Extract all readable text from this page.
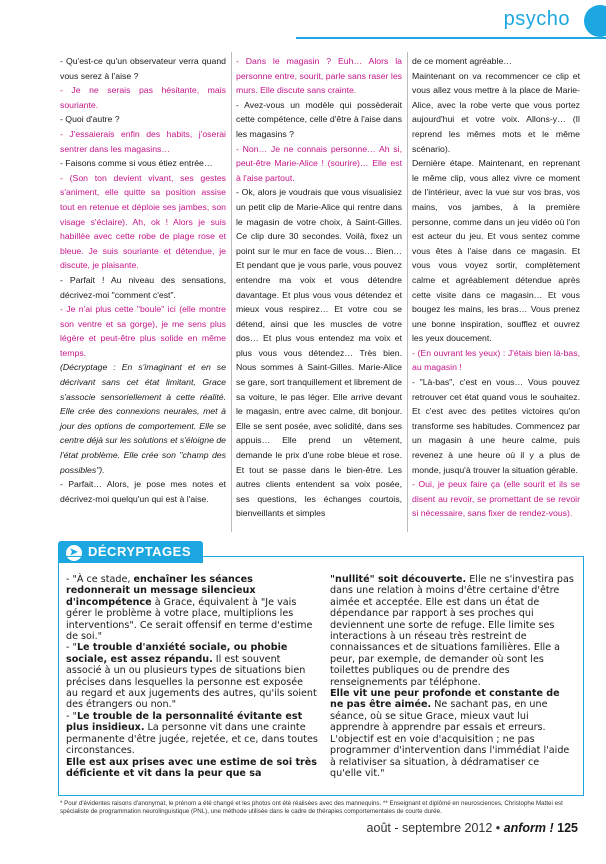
psycho

- Qu'est-ce qu'un observateur verra quand vous serez à l'aise ?

- Je ne serais pas hésitante, mais souriante.

- Quoi d'autre ?

- J'essaierais enfin des habits, j'oserai sentrer dans les magasins…

- Faisons comme si vous étiez entrée…

- (Son ton devient vivant, ses gestes s'animent, elle quitte sa position assise tout en retenue et déploie ses jambes, son visage s'éclaire). Ah, ok ! Alors je suis habillée avec cette robe de plage rose et bleue. Je suis souriante et détendue, je discute, je plaisante.

- Parfait ! Au niveau des sensations, décrivez-moi "comment c'est".

- Je n'ai plus cette "boule" ici (elle montre son ventre et sa gorge), je me sens plus légère et peut-être plus solide en même temps.

(Décryptage : En s'imaginant et en se décrivant sans cet état limitant, Grace s'associe sensoriellement à cette réalité. Elle crée des connexions neurales, met à jour des options de comportement. Elle se centre déjà sur les solutions et s'éloigne de l'état problème. Elle crée son "champ des possibles").

- Parfait… Alors, je pose mes notes et décrivez-moi quelqu'un qui est à l'aise.

- Dans le magasin ? Euh… Alors la personne entre, sourit, parle sans raser les murs. Elle discute sans crainte.

- Avez-vous un modèle qui possèderait cette compétence, celle d'être à l'aise dans les magasins ?

- Non… Je ne connais personne… Ah si, peut-être Marie-Alice ! (sourire)… Elle est à l'aise partout.

- Ok, alors je voudrais que vous visualisiez un petit clip de Marie-Alice qui rentre dans le magasin de votre choix, à Saint-Gilles. Ce clip dure 30 secondes. Voilà, fixez un point sur le mur en face de vous… Bien… Et pendant que je vous parle, vous pouvez entendre ma voix et vous détendre davantage. Et plus vous vous détendez et mieux vous respirez… Et votre cou se détend, ainsi que les muscles de votre dos… Et plus vous entendez ma voix et plus vous vous détendez… Très bien. Nous sommes à Saint-Gilles. Marie-Alice se gare, sort tranquillement et librement de sa voiture, le pas léger. Elle arrive devant le magasin, entre avec calme, dit bonjour. Elle se sent posée, avec solidité, dans ses appuis… Elle prend un vêtement, demande le prix d'une robe bleue et rose. Et tout se passe dans le bien-être. Les autres clients entendent sa voix posée, ses questions, les échanges courtois, bienveillants et simples

de ce moment agréable…

Maintenant on va recommencer ce clip et vous allez vous mettre à la place de Marie-Alice, avec la robe verte que vous portez aujourd'hui et votre voix. Allons-y… (Il reprend les mêmes mots et le même scénario).

Dernière étape. Maintenant, en reprenant le même clip, vous allez vivre ce moment de l'intérieur, avec la vue sur vos bras, vos mains, vos jambes, à la première personne, comme dans un jeu vidéo où l'on est acteur du jeu. Et vous sentez comme vous êtes à l'aise dans ce magasin. Et vous vous voyez sortir, complètement calme et agréablement détendue après cette visite dans ce magasin… Et vous bougez les mains, les bras… Vous prenez une bonne inspiration, soufflez et ouvrez les yeux doucement.

- (En ouvrant les yeux) : J'étais bien là-bas, au magasin !

- "Là-bas", c'est en vous… Vous pouvez retrouver cet état quand vous le souhaitez. Et c'est avec des petites victoires qu'on transforme ses habitudes. Commencez par un magasin à une heure calme, puis revenez à une heure où il y a plus de monde, jusqu'à trouver la situation gérable.

- Oui, je peux faire ça (elle sourit et ils se disent au revoir, se promettant de se revoir si nécessaire, sans fixer de rendez-vous).

➤ DÉCRYPTAGES

- "À ce stade, enchaîner les séances redonnerait un message silencieux d'incompétence à Grace, équivalent à "Je vais gérer le problème à votre place, multiplions les interventions". Ce serait offensif en terme d'estime de soi."

- "Le trouble d'anxiété sociale, ou phobie sociale, est assez répandu. Il est souvent associé à un ou plusieurs types de situations bien précises dans lesquelles la personne est exposée au regard et aux jugements des autres, qu'ils soient des étrangers ou non."

- "Le trouble de la personnalité évitante est plus insidieux. La personne vit dans une crainte permanente d'être jugée, rejetée, et ce, dans toutes circonstances.

Elle est aux prises avec une estime de soi très déficiente et vit dans la peur que sa

"nullité" soit découverte. Elle ne s'investira pas dans une relation à moins d'être certaine d'être aimée et acceptée. Elle est dans un état de dépendance par rapport à ses proches qui deviennent une sorte de refuge. Elle limite ses interactions à un réseau très restreint de connaissances et de situations familières. Elle a peur, par exemple, de demander où sont les toilettes publiques ou de prendre des renseignements par téléphone.

Elle vit une peur profonde et constante de ne pas être aimée. Ne sachant pas, en une séance, où se situe Grace, mieux vaut lui apprendre à apprendre par essais et erreurs. L'objectif est en voie d'acquisition ; ne pas programmer d'intervention dans l'immédiat l'aide à relativiser sa situation, à dédramatiser ce qu'elle vit."

* Pour d'évidentes raisons d'anonymat, le prénom a été changé et les photos ont été réalisées avec des mannequins. ** Enseignant et diplômé en neurosciences, Christophe Mattei est spécialiste de programmation neurolinguistique (PNL), une méthode utilisée dans le cadre de thérapies comportementales de courte durée.
août - septembre 2012 • anform ! 125
